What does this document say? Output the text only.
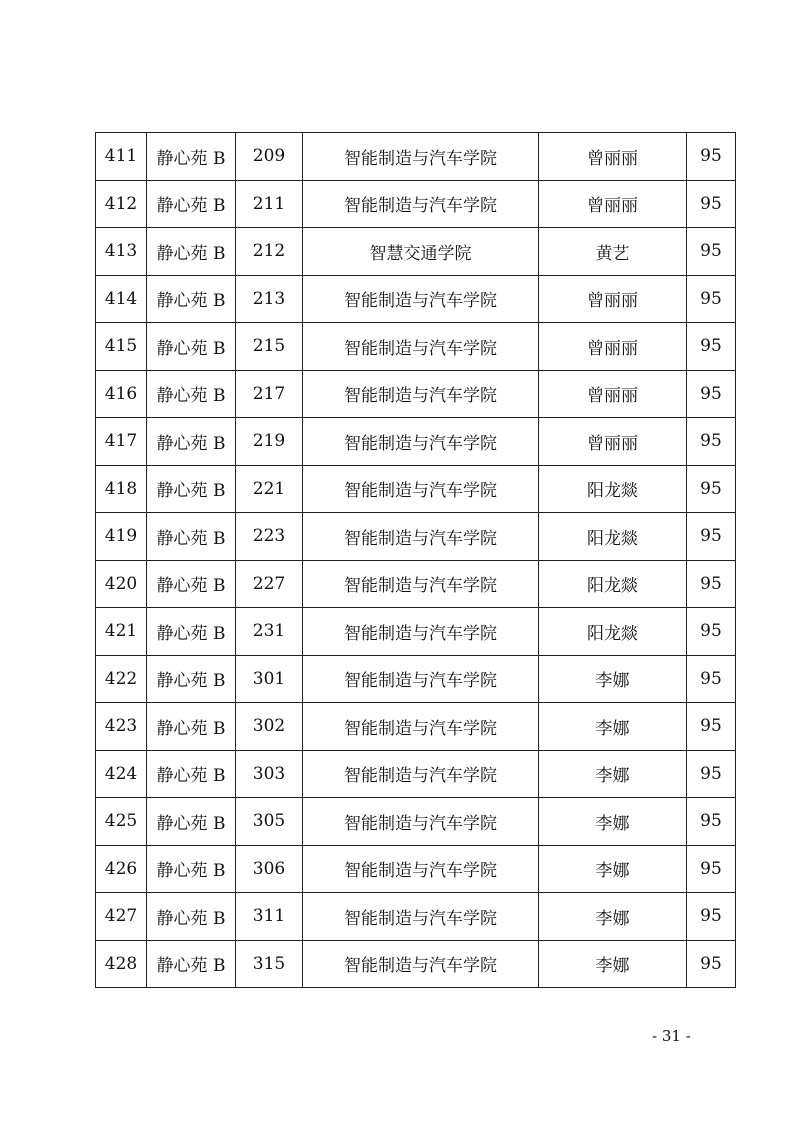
411	静心苑 B	209	智能制造与汽车学院	曾丽丽	95
412	静心苑 B	211	智能制造与汽车学院	曾丽丽	95
413	静心苑 B	212	智慧交通学院	黄艺	95
414	静心苑 B	213	智能制造与汽车学院	曾丽丽	95
415	静心苑 B	215	智能制造与汽车学院	曾丽丽	95
416	静心苑 B	217	智能制造与汽车学院	曾丽丽	95
417	静心苑 B	219	智能制造与汽车学院	曾丽丽	95
418	静心苑 B	221	智能制造与汽车学院	阳龙燚	95
419	静心苑 B	223	智能制造与汽车学院	阳龙燚	95
420	静心苑 B	227	智能制造与汽车学院	阳龙燚	95
421	静心苑 B	231	智能制造与汽车学院	阳龙燚	95
422	静心苑 B	301	智能制造与汽车学院	李娜	95
423	静心苑 B	302	智能制造与汽车学院	李娜	95
424	静心苑 B	303	智能制造与汽车学院	李娜	95
425	静心苑 B	305	智能制造与汽车学院	李娜	95
426	静心苑 B	306	智能制造与汽车学院	李娜	95
427	静心苑 B	311	智能制造与汽车学院	李娜	95
428	静心苑 B	315	智能制造与汽车学院	李娜	95
- 31 -
